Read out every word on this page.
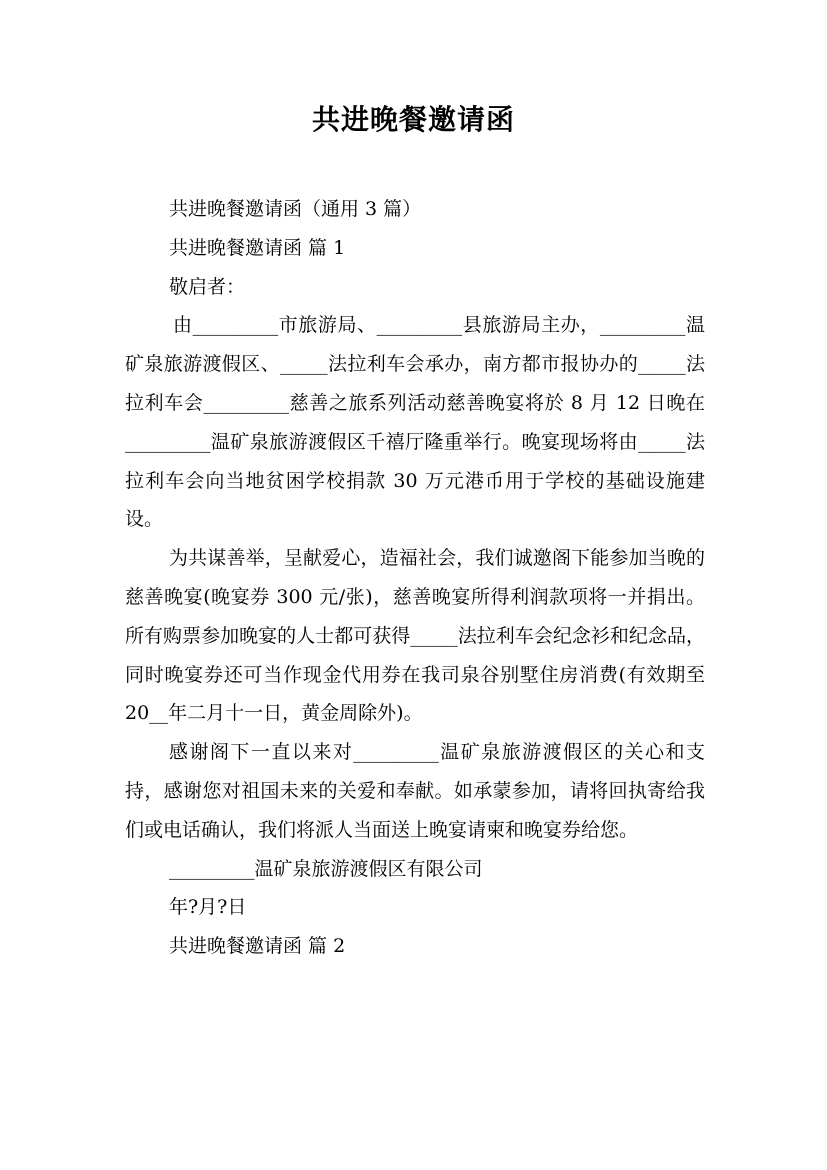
共进晚餐邀请函
共进晚餐邀请函（通用 3 篇）
共进晚餐邀请函 篇 1
敬启者：

由_________市旅游局、_________县旅游局主办，_________温矿泉旅游渡假区、_____法拉利车会承办，南方都市报协办的_____法拉利车会_________慈善之旅系列活动慈善晚宴将於 8 月 12 日晚在_________温矿泉旅游渡假区千禧厅隆重举行。晚宴现场将由_____法拉利车会向当地贫困学校捐款 30 万元港币用于学校的基础设施建设。

为共谋善举，呈献爱心，造福社会，我们诚邀阁下能参加当晚的慈善晚宴(晚宴券 300 元/张)，慈善晚宴所得利润款项将一并捐出。所有购票参加晚宴的人士都可获得_____法拉利车会纪念衫和纪念品，同时晚宴券还可当作现金代用券在我司泉谷别墅住房消费(有效期至 20__年二月十一日，黄金周除外)。

感谢阁下一直以来对_________温矿泉旅游渡假区的关心和支持，感谢您对祖国未来的关爱和奉献。如承蒙参加，请将回执寄给我们或电话确认，我们将派人当面送上晚宴请柬和晚宴券给您。

_________温矿泉旅游渡假区有限公司
年?月?日
共进晚餐邀请函 篇 2
